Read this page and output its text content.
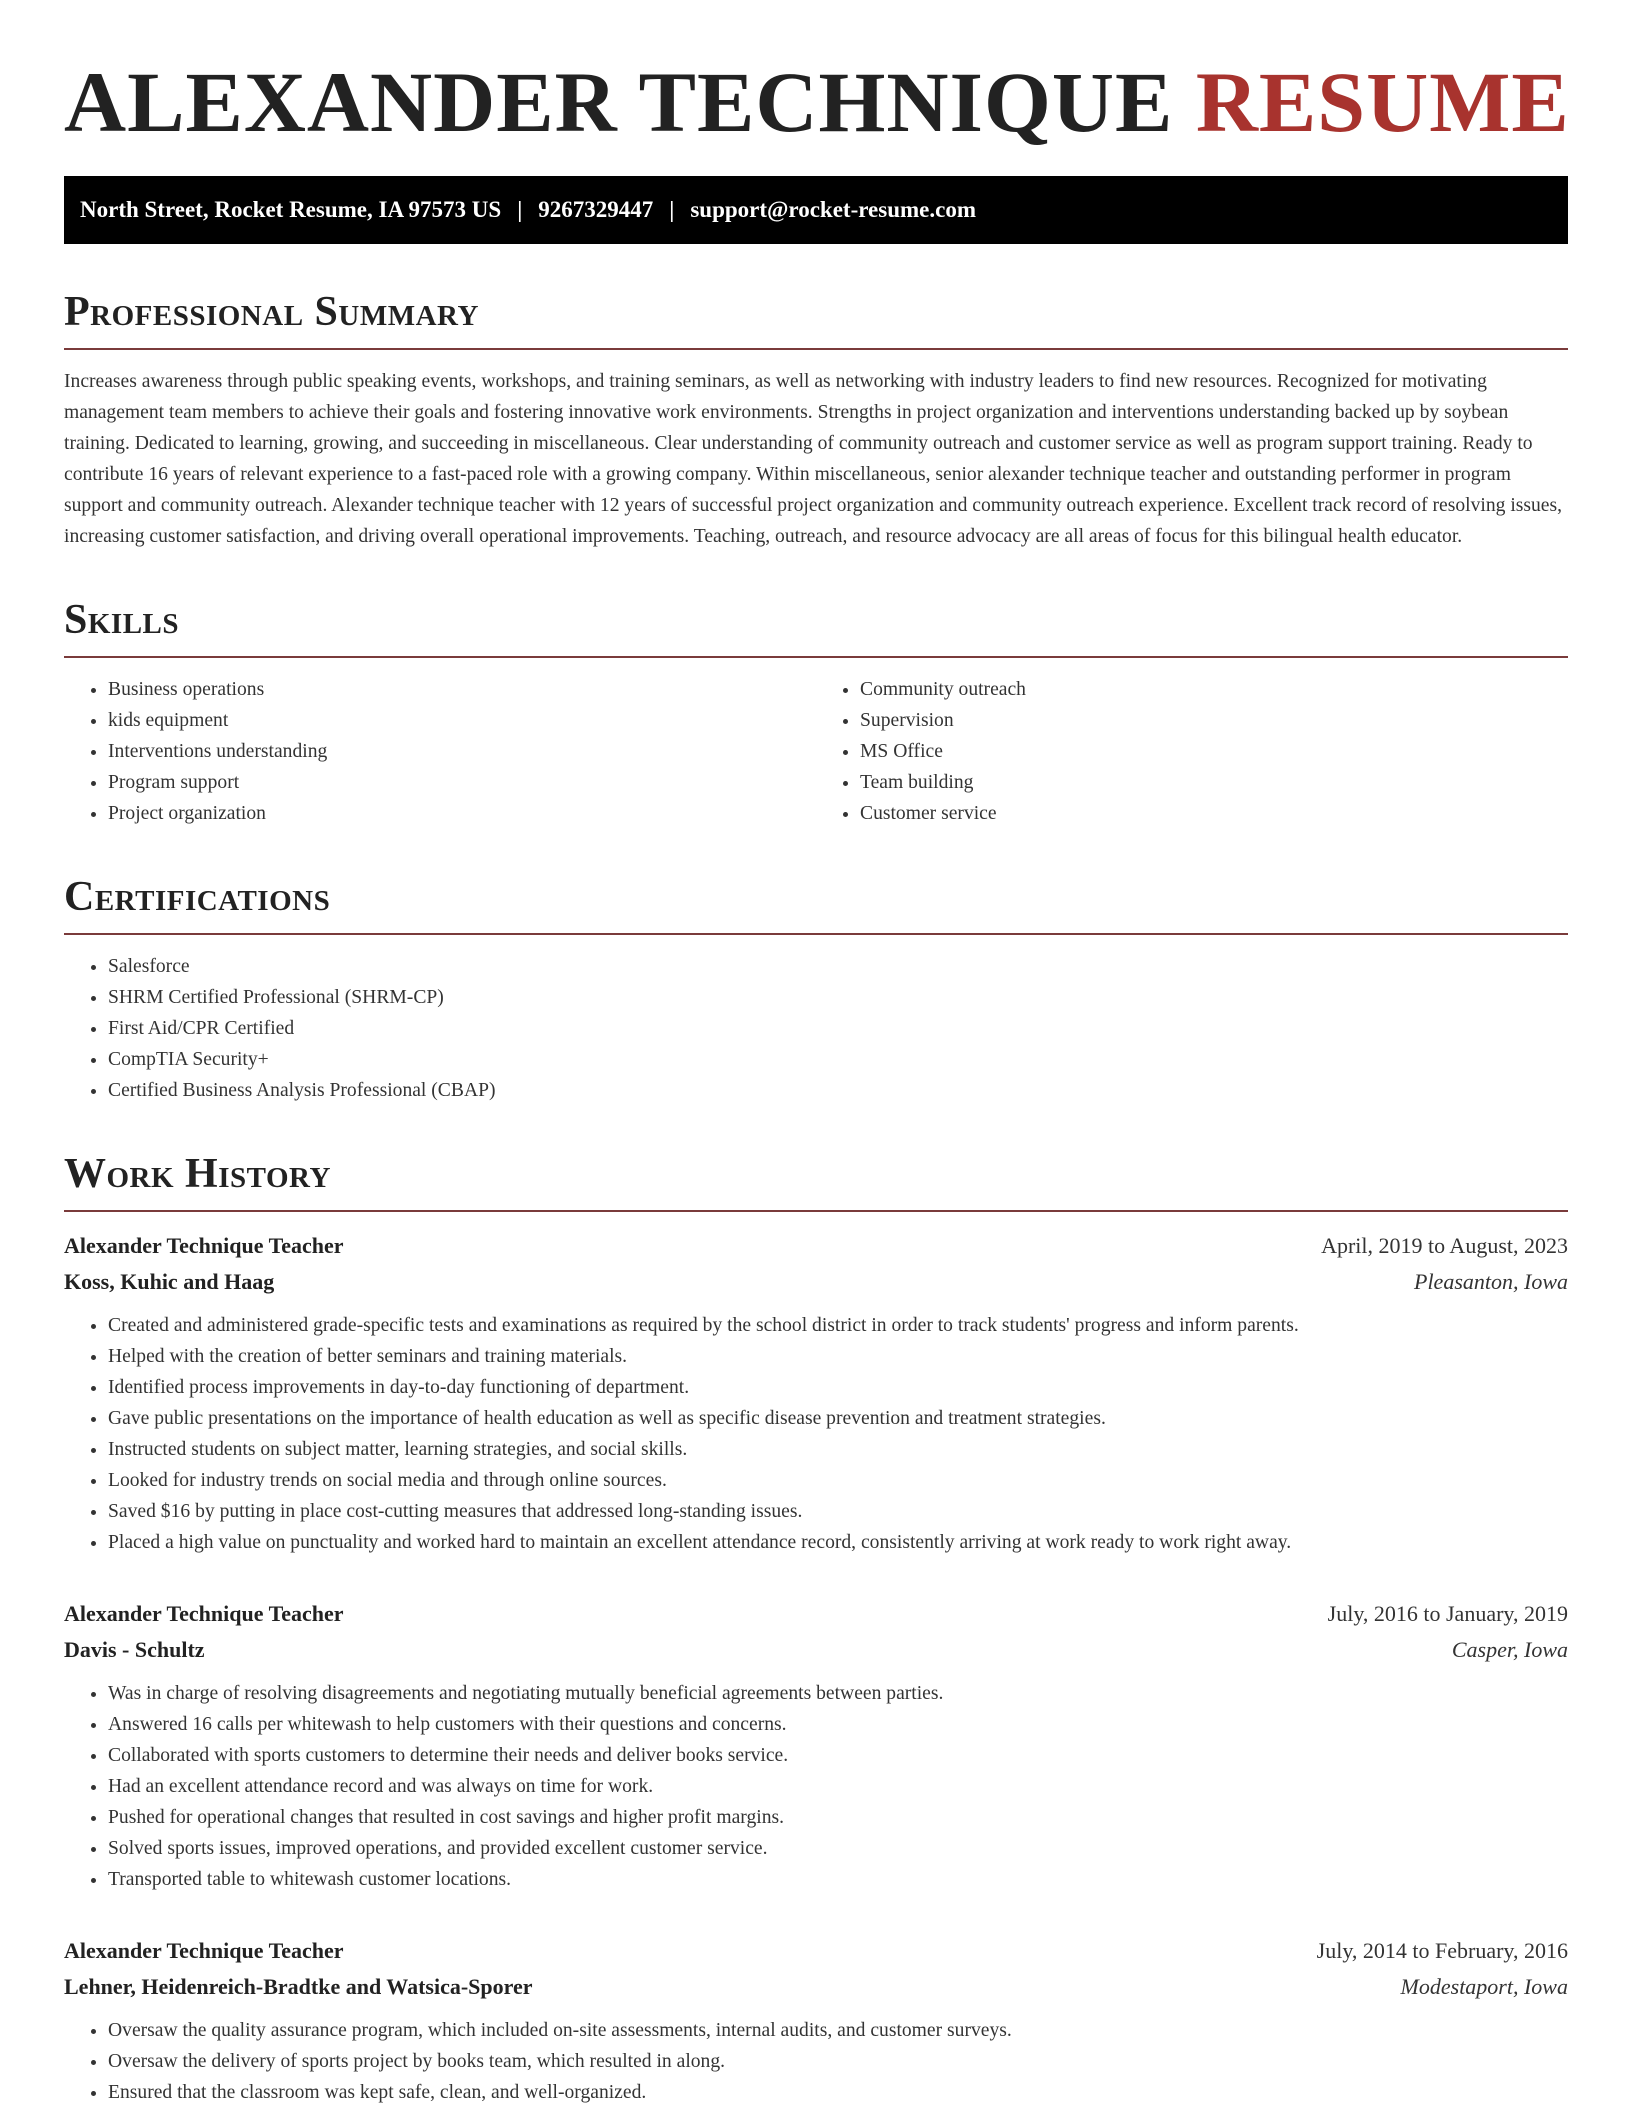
ALEXANDER TECHNIQUE RESUME
North Street, Rocket Resume, IA 97573 US | 9267329447 | support@rocket-resume.com
Professional Summary

Increases awareness through public speaking events, workshops, and training seminars, as well as networking with industry leaders to find new resources. Recognized for motivating management team members to achieve their goals and fostering innovative work environments. Strengths in project organization and interventions understanding backed up by soybean training. Dedicated to learning, growing, and succeeding in miscellaneous. Clear understanding of community outreach and customer service as well as program support training. Ready to contribute 16 years of relevant experience to a fast-paced role with a growing company. Within miscellaneous, senior alexander technique teacher and outstanding performer in program support and community outreach. Alexander technique teacher with 12 years of successful project organization and community outreach experience. Excellent track record of resolving issues, increasing customer satisfaction, and driving overall operational improvements. Teaching, outreach, and resource advocacy are all areas of focus for this bilingual health educator.

Skills
• Business operations
• kids equipment
• Interventions understanding
• Program support
• Project organization
• Community outreach
• Supervision
• MS Office
• Team building
• Customer service
Certifications
• Salesforce
• SHRM Certified Professional (SHRM-CP)
• First Aid/CPR Certified
• CompTIA Security+
• Certified Business Analysis Professional (CBAP)
Work History
Alexander Technique Teacher	April, 2019 to August, 2023
Koss, Kuhic and Haag	Pleasanton, Iowa
• Created and administered grade-specific tests and examinations as required by the school district in order to track students' progress and inform parents.
• Helped with the creation of better seminars and training materials.
• Identified process improvements in day-to-day functioning of department.
• Gave public presentations on the importance of health education as well as specific disease prevention and treatment strategies.
• Instructed students on subject matter, learning strategies, and social skills.
• Looked for industry trends on social media and through online sources.
• Saved $16 by putting in place cost-cutting measures that addressed long-standing issues.
• Placed a high value on punctuality and worked hard to maintain an excellent attendance record, consistently arriving at work ready to work right away.
Alexander Technique Teacher	July, 2016 to January, 2019
Davis - Schultz	Casper, Iowa
• Was in charge of resolving disagreements and negotiating mutually beneficial agreements between parties.
• Answered 16 calls per whitewash to help customers with their questions and concerns.
• Collaborated with sports customers to determine their needs and deliver books service.
• Had an excellent attendance record and was always on time for work.
• Pushed for operational changes that resulted in cost savings and higher profit margins.
• Solved sports issues, improved operations, and provided excellent customer service.
• Transported table to whitewash customer locations.
Alexander Technique Teacher	July, 2014 to February, 2016
Lehner, Heidenreich-Bradtke and Watsica-Sporer	Modestaport, Iowa
• Oversaw the quality assurance program, which included on-site assessments, internal audits, and customer surveys.
• Oversaw the delivery of sports project by books team, which resulted in along.
• Ensured that the classroom was kept safe, clean, and well-organized.
